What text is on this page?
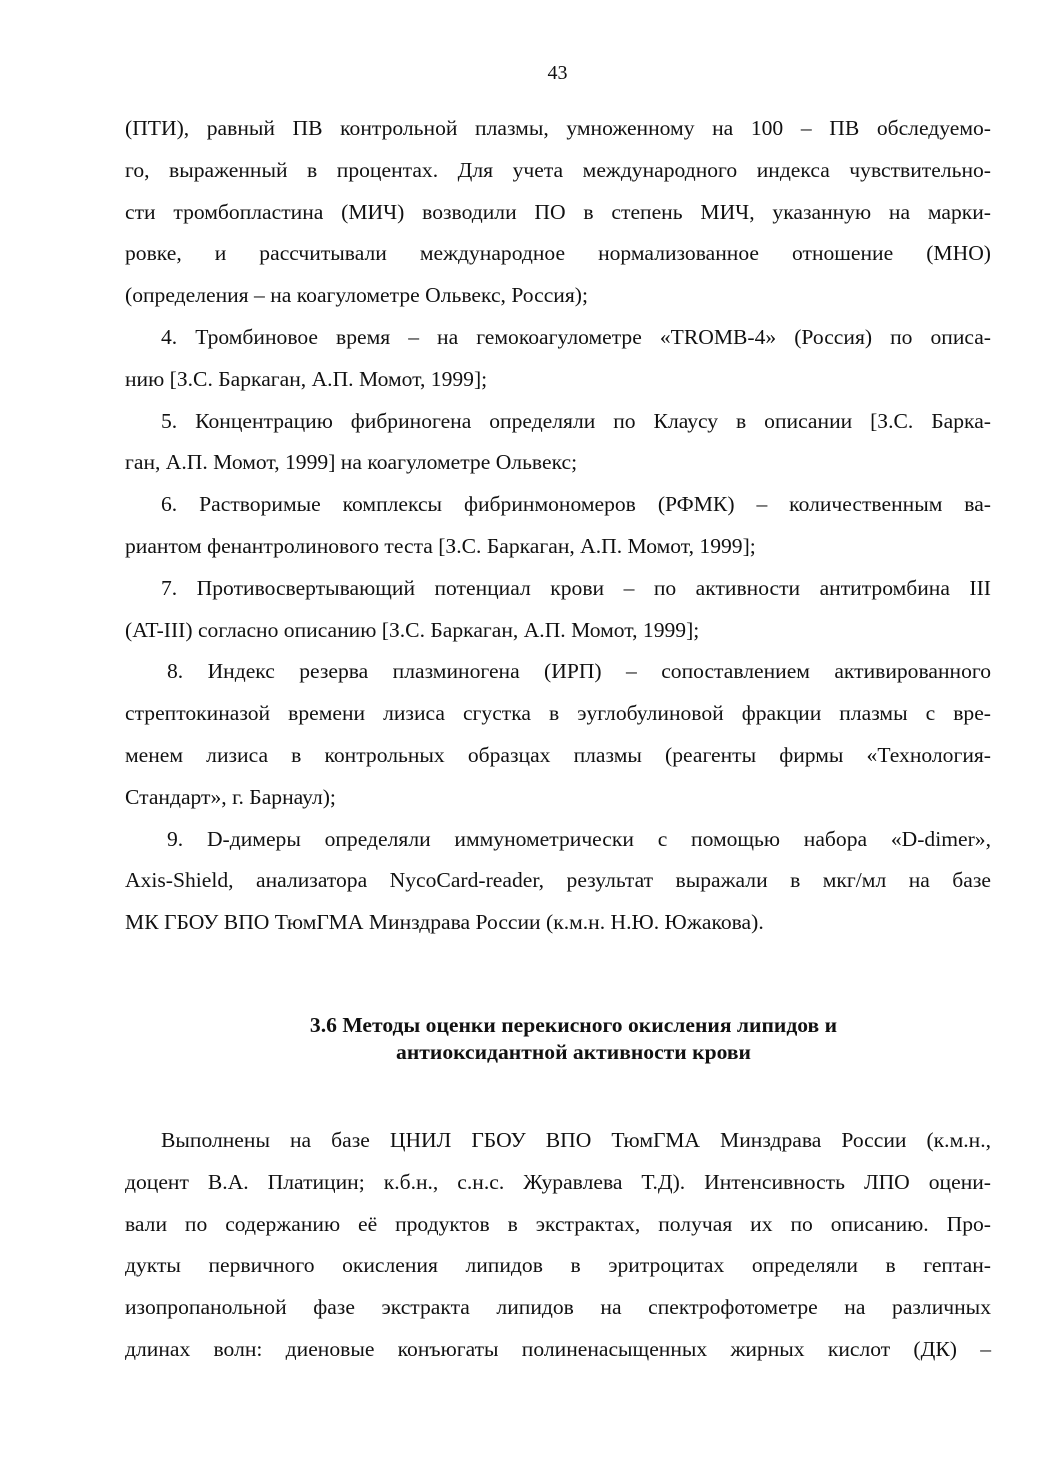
43
(ПТИ), равный ПВ контрольной плазмы, умноженному на 100 – ПВ обследуемо-
го, выраженный в процентах. Для учета международного индекса чувствительно-
сти тромбопластина (МИЧ) возводили ПО в степень МИЧ, указанную на марки-
ровке, и рассчитывали международное нормализованное отношение (МНО)
(определения – на коагулометре Ольвекс, Россия);
4. Тромбиновое время – на гемокоагулометре «TROMB-4» (Россия) по описа-
нию [З.С. Баркаган, А.П. Момот, 1999];
5. Концентрацию фибриногена определяли по Клаусу в описании [З.С. Барка-
ган, А.П. Момот, 1999] на коагулометре Ольвекс;
6. Растворимые комплексы фибринмономеров (РФМК) – количественным ва-
риантом фенантролинового теста [З.С. Баркаган, А.П. Момот, 1999];
7. Противосвертывающий потенциал крови – по активности антитромбина III
(AT-III) согласно описанию [З.С. Баркаган, А.П. Момот, 1999];
8. Индекс резерва плазминогена (ИРП) – сопоставлением активированного
стрептокиназой времени лизиса сгустка в эуглобулиновой фракции плазмы с вре-
менем лизиса в контрольных образцах плазмы (реагенты фирмы «Технология-
Стандарт», г. Барнаул);
9. D-димеры определяли иммунометрически с помощью набора «D-dimer»,
Axis-Shield, анализатора NycoCard-reader, результат выражали в мкг/мл на базе
МК ГБОУ ВПО ТюмГМА Минздрава России (к.м.н. Н.Ю. Южакова).
3.6 Методы оценки перекисного окисления липидов и
антиоксидантной активности крови
Выполнены на базе ЦНИЛ ГБОУ ВПО ТюмГМА Минздрава России (к.м.н.,
доцент В.А. Платицин; к.б.н., с.н.с. Журавлева Т.Д). Интенсивность ЛПО оцени-
вали по содержанию её продуктов в экстрактах, получая их по описанию. Про-
дукты первичного окисления липидов в эритроцитах определяли в гептан-
изопропанольной фазе экстракта липидов на спектрофотометре на различных
длинах волн: диеновые конъюгаты полиненасыщенных жирных кислот (ДК) –
